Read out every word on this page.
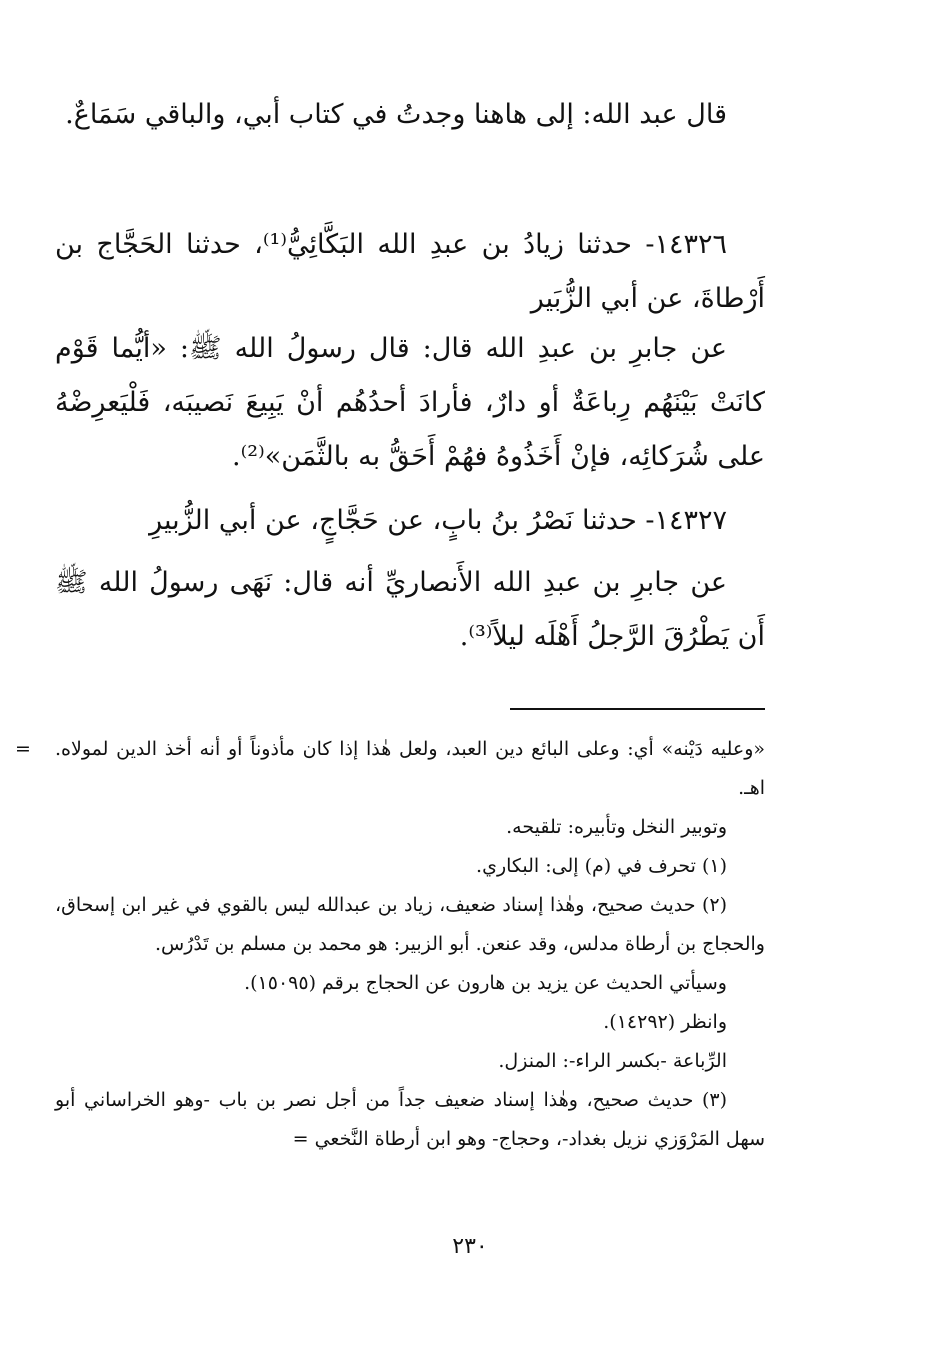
قال عبد الله: إلى هاهنا وجدتُ في كتاب أبي، والباقي سَمَاعٌ.

١٤٣٢٦- حدثنا زيادُ بن عبدِ الله البَكَّائِيُّ⁽¹⁾، حدثنا الحَجَّاج بن أَرْطاةَ، عن أبي الزُّبَير

عن جابرِ بن عبدِ الله قال: قال رسولُ الله ﷺ: «أيُّما قَوْم كانَتْ بَيْنَهُم رِباعَةٌ أو دارٌ، فأرادَ أحدُهُم أنْ يَبِيعَ نَصيبَه، فَلْيَعرِضْهُ على شُرَكائِه، فإنْ أَخَذُوهُ فهُمْ أَحَقُّ به بالثَّمَن»⁽²⁾.

١٤٣٢٧- حدثنا نَصْرُ بنُ بابٍ، عن حَجَّاجٍ، عن أبي الزُّبيرِ

عن جابرِ بن عبدِ الله الأَنصاريِّ أنه قال: نَهَى رسولُ الله ﷺ أَن يَطْرُقَ الرَّجلُ أَهْلَه ليلاً⁽³⁾.

= «وعليه دَيْنه» أي: وعلى البائع دين العبد، ولعل هٰذا إذا كان مأذوناً أو أنه أخذ الدين لمولاه. اهـ.

وتوبير النخل وتأبيره: تلقيحه.

(١) تحرف في (م) إلى: البكاري.

(٢) حديث صحيح، وهٰذا إسناد ضعيف، زياد بن عبدالله ليس بالقوي في غير ابن إسحاق، والحجاج بن أرطاة مدلس، وقد عنعن. أبو الزبير: هو محمد بن مسلم بن تَدْرُس.

وسيأتي الحديث عن يزيد بن هارون عن الحجاج برقم (١٥٠٩٥).

وانظر (١٤٢٩٢).

الرِّباعة -بكسر الراء-: المنزل.

(٣) حديث صحيح، وهٰذا إسناد ضعيف جداً من أجل نصر بن باب -وهو الخراساني أبو سهل المَرْوَزي نزيل بغداد-، وحجاج- وهو ابن أرطاة النَّخعي =

٢٣٠
